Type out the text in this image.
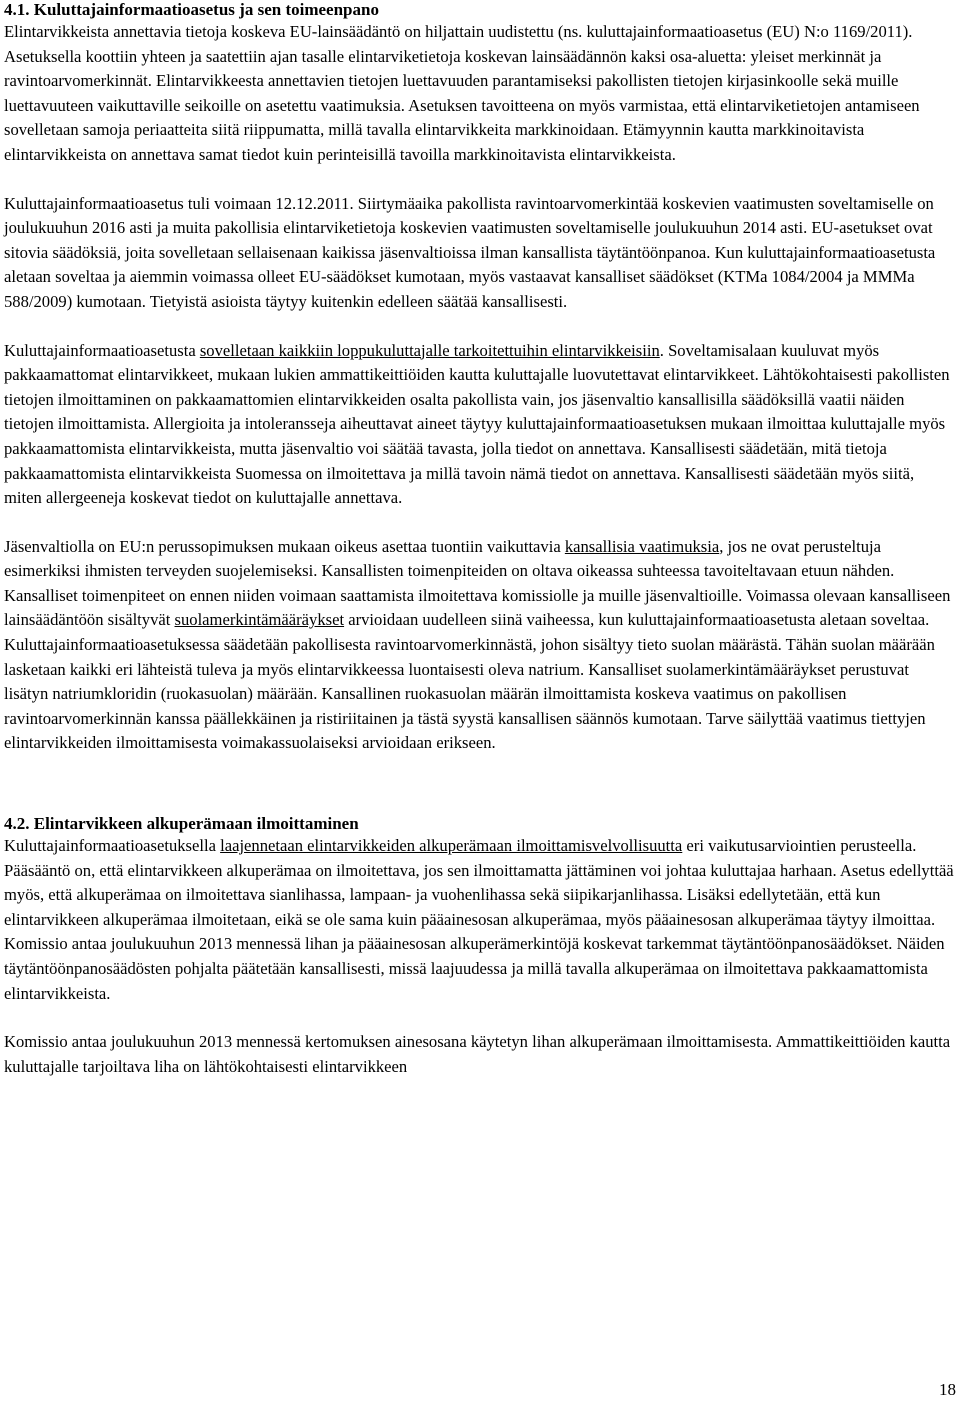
4.1. Kuluttajainformaatioasetus ja sen toimeenpano

Elintarvikkeista annettavia tietoja koskeva EU-lainsäädäntö on hiljattain uudistettu (ns. kuluttajainformaatioasetus (EU) N:o 1169/2011). Asetuksella koottiin yhteen ja saatettiin ajan tasalle elintarviketietoja koskevan lainsäädännön kaksi osa-aluetta: yleiset merkinnät ja ravintoarvomerkinnät. Elintarvikkeesta annettavien tietojen luettavuuden parantamiseksi pakollisten tietojen kirjasinkoolle sekä muille luettavuuteen vaikuttaville seikoille on asetettu vaatimuksia. Asetuksen tavoitteena on myös varmistaa, että elintarviketietojen antamiseen sovelletaan samoja periaatteita siitä riippumatta, millä tavalla elintarvikkeita markkinoidaan. Etämyynnin kautta markkinoitavista elintarvikkeista on annettava samat tiedot kuin perinteisillä tavoilla markkinoitavista elintarvikkeista.

Kuluttajainformaatioasetus tuli voimaan 12.12.2011. Siirtymäaika pakollista ravintoarvomerkintää koskevien vaatimusten soveltamiselle on joulukuuhun 2016 asti ja muita pakollisia elintarviketietoja koskevien vaatimusten soveltamiselle joulukuuhun 2014 asti. EU-asetukset ovat sitovia säädöksiä, joita sovelletaan sellaisenaan kaikissa jäsenvaltioissa ilman kansallista täytäntöönpanoa. Kun kuluttajainformaatioasetusta aletaan soveltaa ja aiemmin voimassa olleet EU-säädökset kumotaan, myös vastaavat kansalliset säädökset (KTMa 1084/2004 ja MMMa 588/2009) kumotaan. Tietyistä asioista täytyy kuitenkin edelleen säätää kansallisesti.

Kuluttajainformaatioasetusta sovelletaan kaikkiin loppukuluttajalle tarkoitettuihin elintarvikkeisiin. Soveltamisalaan kuuluvat myös pakkaamattomat elintarvikkeet, mukaan lukien ammattikeittiöiden kautta kuluttajalle luovutettavat elintarvikkeet. Lähtökohtaisesti pakollisten tietojen ilmoittaminen on pakkaamattomien elintarvikkeiden osalta pakollista vain, jos jäsenvaltio kansallisilla säädöksillä vaatii näiden tietojen ilmoittamista. Allergioita ja intoleransseja aiheuttavat aineet täytyy kuluttajainformaatioasetuksen mukaan ilmoittaa kuluttajalle myös pakkaamattomista elintarvikkeista, mutta jäsenvaltio voi säätää tavasta, jolla tiedot on annettava. Kansallisesti säädetään, mitä tietoja pakkaamattomista elintarvikkeista Suomessa on ilmoitettava ja millä tavoin nämä tiedot on annettava. Kansallisesti säädetään myös siitä, miten allergeeneja koskevat tiedot on kuluttajalle annettava.

Jäsenvaltiolla on EU:n perussopimuksen mukaan oikeus asettaa tuontiin vaikuttavia kansallisia vaatimuksia, jos ne ovat perusteltuja esimerkiksi ihmisten terveyden suojelemiseksi. Kansallisten toimenpiteiden on oltava oikeassa suhteessa tavoiteltavaan etuun nähden. Kansalliset toimenpiteet on ennen niiden voimaan saattamista ilmoitettava komissiolle ja muille jäsenvaltioille. Voimassa olevaan kansalliseen lainsäädäntöön sisältyvät suolamerkintämääräykset arvioidaan uudelleen siinä vaiheessa, kun kuluttajainformaatioasetusta aletaan soveltaa. Kuluttajainformaatioasetuksessa säädetään pakollisesta ravintoarvomerkinnästä, johon sisältyy tieto suolan määrästä. Tähän suolan määrään lasketaan kaikki eri lähteistä tuleva ja myös elintarvikkeessa luontaisesti oleva natrium. Kansalliset suolamerkintämääräykset perustuvat lisätyn natriumkloridin (ruokasuolan) määrään. Kansallinen ruokasuolan määrän ilmoittamista koskeva vaatimus on pakollisen ravintoarvomerkinnän kanssa päällekkäinen ja ristiriitainen ja tästä syystä kansallisen säännös kumotaan. Tarve säilyttää vaatimus tiettyjen elintarvikkeiden ilmoittamisesta voimakassuolaiseksi arvioidaan erikseen.

4.2. Elintarvikkeen alkuperämaan ilmoittaminen

Kuluttajainformaatioasetuksella laajennetaan elintarvikkeiden alkuperämaan ilmoittamisvelvollisuutta eri vaikutusarviointien perusteella. Pääsääntö on, että elintarvikkeen alkuperämaa on ilmoitettava, jos sen ilmoittamatta jättäminen voi johtaa kuluttajaa harhaan. Asetus edellyttää myös, että alkuperämaa on ilmoitettava sianlihassa, lampaan- ja vuohenlihassa sekä siipikarjanlihassa. Lisäksi edellytetään, että kun elintarvikkeen alkuperämaa ilmoitetaan, eikä se ole sama kuin pääainesosan alkuperämaa, myös pääainesosan alkuperämaa täytyy ilmoittaa. Komissio antaa joulukuuhun 2013 mennessä lihan ja pääainesosan alkuperämerkintöjä koskevat tarkemmat täytäntöönpanosäädökset. Näiden täytäntöönpanosäädösten pohjalta päätetään kansallisesti, missä laajuudessa ja millä tavalla alkuperämaa on ilmoitettava pakkaamattomista elintarvikkeista.

Komissio antaa joulukuuhun 2013 mennessä kertomuksen ainesosana käytetyn lihan alkuperämaan ilmoittamisesta. Ammattikeittiöiden kautta kuluttajalle tarjoiltava liha on lähtökohtaisesti elintarvikkeen

18
